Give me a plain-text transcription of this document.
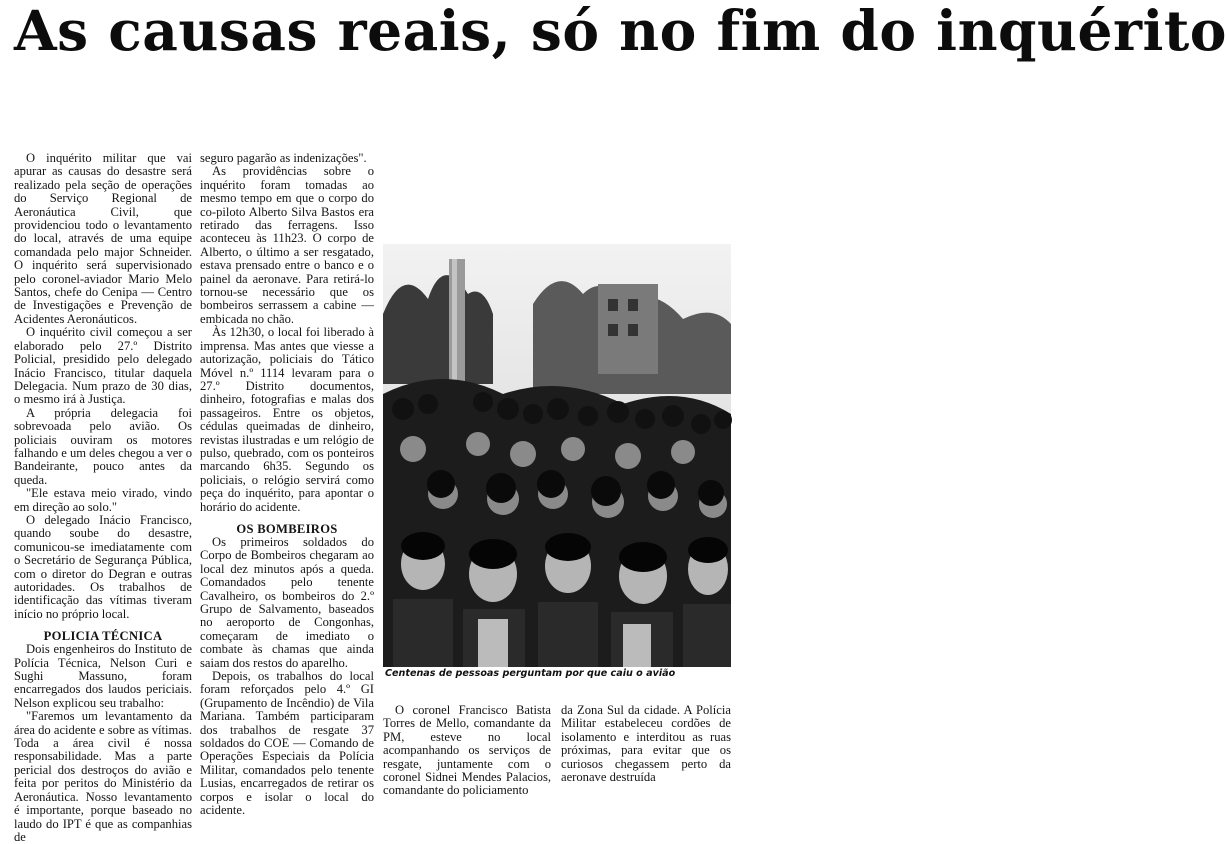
As causas reais, só no fim do inquérito

O inquérito militar que vai apurar as causas do desastre será realizado pela seção de operações do Serviço Regional de Aeronáutica Civil, que providenciou todo o levantamento do local, através de uma equipe comandada pelo major Schneider. O inquérito será supervisionado pelo coronel-aviador Mario Melo Santos, chefe do Cenipa — Centro de Investigações e Prevenção de Acidentes Aeronáuticos.

O inquérito civil começou a ser elaborado pelo 27.º Distrito Policial, presidido pelo delegado Inácio Francisco, titular daquela Delegacia. Num prazo de 30 dias, o mesmo irá à Justiça.

A própria delegacia foi sobrevoada pelo avião. Os policiais ouviram os motores falhando e um deles chegou a ver o Bandeirante, pouco antes da queda.

"Ele estava meio virado, vindo em direção ao solo."

O delegado Inácio Francisco, quando soube do desastre, comunicou-se imediatamente com o Secretário de Segurança Pública, com o diretor do Degran e outras autoridades. Os trabalhos de identificação das vítimas tiveram início no próprio local.

POLICIA TÉCNICA

Dois engenheiros do Instituto de Polícia Técnica, Nelson Curi e Sughi Massuno, foram encarregados dos laudos periciais. Nelson explicou seu trabalho:

"Faremos um levantamento da área do acidente e sobre as vítimas. Toda a área civil é nossa responsabilidade. Mas a parte pericial dos destroços do avião e feita por peritos do Ministério da Aeronáutica. Nosso levantamento é importante, porque baseado no laudo do IPT é que as companhias de

seguro pagarão as indenizações".

As providências sobre o inquérito foram tomadas ao mesmo tempo em que o corpo do co-piloto Alberto Silva Bastos era retirado das ferragens. Isso aconteceu às 11h23. O corpo de Alberto, o último a ser resgatado, estava prensado entre o banco e o painel da aeronave. Para retirá-lo tornou-se necessário que os bombeiros serrassem a cabine — embicada no chão.

Às 12h30, o local foi liberado à imprensa. Mas antes que viesse a autorização, policiais do Tático Móvel n.º 1114 levaram para o 27.º Distrito documentos, dinheiro, fotografias e malas dos passageiros. Entre os objetos, cédulas queimadas de dinheiro, revistas ilustradas e um relógio de pulso, quebrado, com os ponteiros marcando 6h35. Segundo os policiais, o relógio servirá como peça do inquérito, para apontar o horário do acidente.

OS BOMBEIROS

Os primeiros soldados do Corpo de Bombeiros chegaram ao local dez minutos após a queda. Comandados pelo tenente Cavalheiro, os bombeiros do 2.º Grupo de Salvamento, baseados no aeroporto de Congonhas, começaram de imediato o combate às chamas que ainda saiam dos restos do aparelho.

Depois, os trabalhos do local foram reforçados pelo 4.º GI (Grupamento de Incêndio) de Vila Mariana. Também participaram dos trabalhos de resgate 37 soldados do COE — Comando de Operações Especiais da Polícia Militar, comandados pelo tenente Lusias, encarregados de retirar os corpos e isolar o local do acidente.

Centenas de pessoas perguntam por que caiu o avião

O coronel Francisco Batista Torres de Mello, comandante da PM, esteve no local acompanhando os serviços de resgate, juntamente com o coronel Sidnei Mendes Palacios, comandante do policiamento

da Zona Sul da cidade. A Polícia Militar estabeleceu cordões de isolamento e interditou as ruas próximas, para evitar que os curiosos chegassem perto da aeronave destruída
